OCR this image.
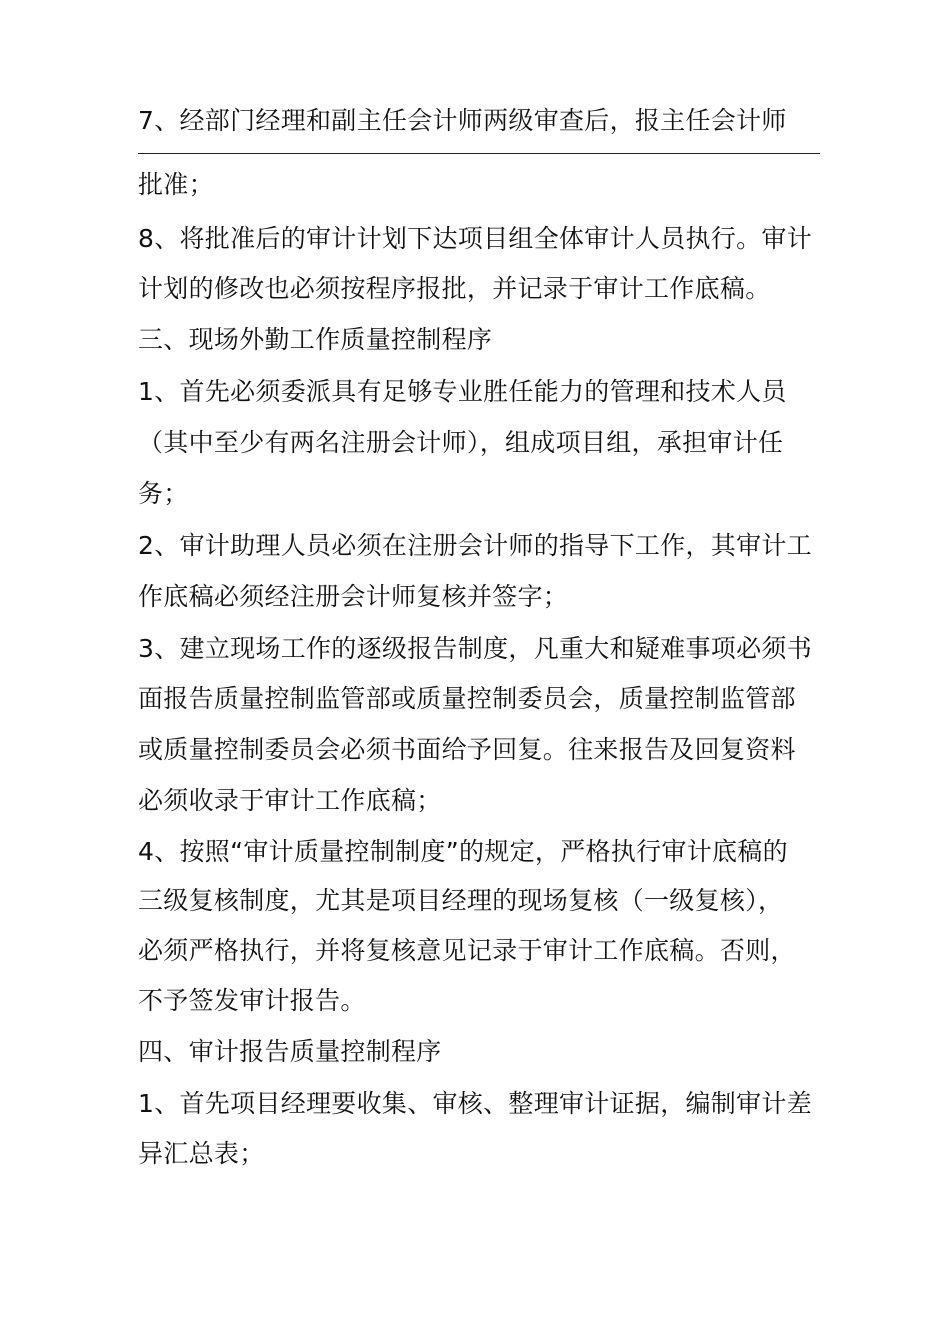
7、经部门经理和副主任会计师两级审查后，报主任会计师
批准；
8、将批准后的审计计划下达项目组全体审计人员执行。审计
计划的修改也必须按程序报批，并记录于审计工作底稿。
三、现场外勤工作质量控制程序
1、首先必须委派具有足够专业胜任能力的管理和技术人员
（其中至少有两名注册会计师），组成项目组，承担审计任
务；
2、审计助理人员必须在注册会计师的指导下工作，其审计工
作底稿必须经注册会计师复核并签字；
3、建立现场工作的逐级报告制度，凡重大和疑难事项必须书
面报告质量控制监管部或质量控制委员会，质量控制监管部
或质量控制委员会必须书面给予回复。往来报告及回复资料
必须收录于审计工作底稿；
4、按照“审计质量控制制度”的规定，严格执行审计底稿的
三级复核制度，尤其是项目经理的现场复核（一级复核），
必须严格执行，并将复核意见记录于审计工作底稿。否则，
不予签发审计报告。
四、审计报告质量控制程序
1、首先项目经理要收集、审核、整理审计证据，编制审计差
异汇总表；
